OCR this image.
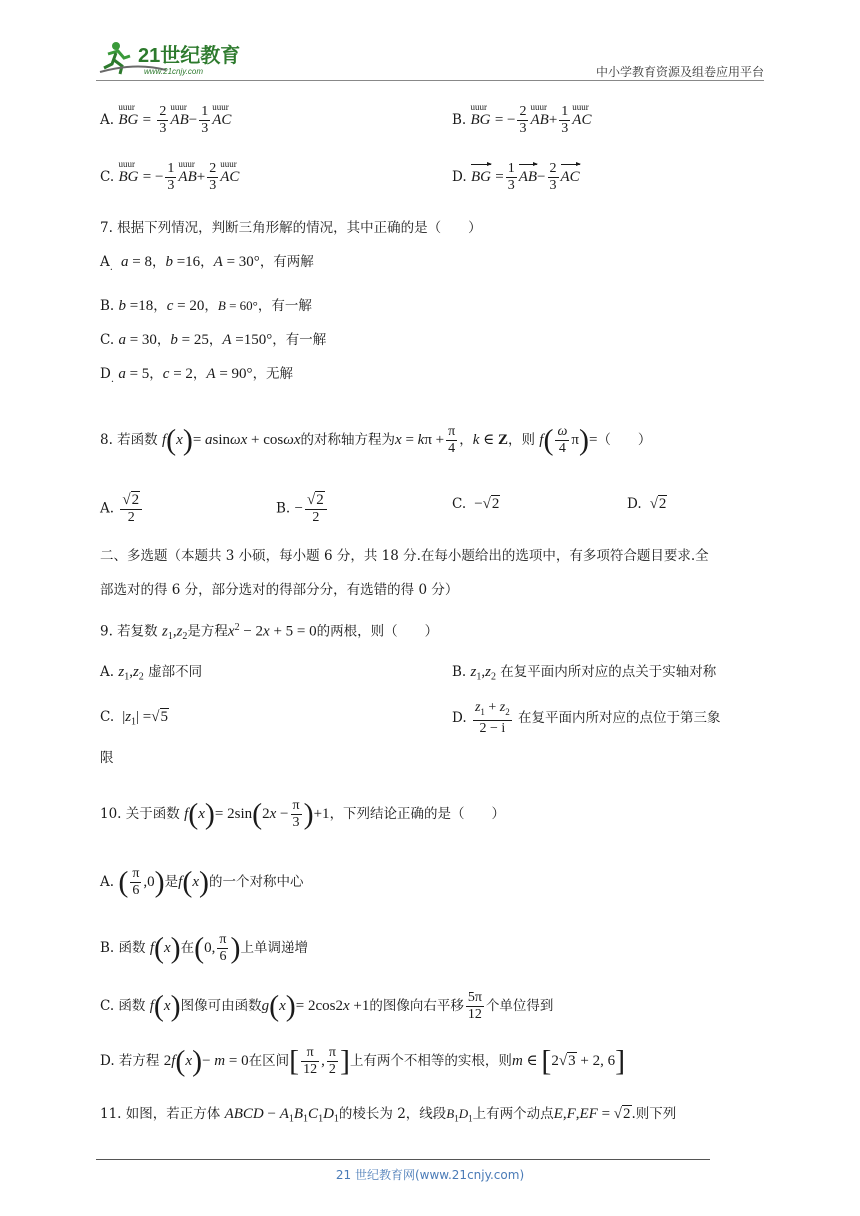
21世纪教育
www.21cnjy.com	中小学教育资源及组卷应用平台
A.
uuur
BG = $\frac{2}{3}$ uuur
$AB- \frac{1}{3}$ uuur
AC	B.
uuur
BG = − $\frac{2}{3}$ uuur
$AB+ \frac{1}{3}$ uuur
AC
C.
uuur
BG = − $\frac{1}{3}$ uuur
$AB+ \frac{2}{3}$ uuur
AC	D. BG = $\frac{1}{3} AB- \frac{2}{3}$ AC
7. 根据下列情况，判断三角形解的情况，其中正确的是（　　）
$A_.$  a = 8，b =16，A = 30°，有两解
B. b =18，c = 20，B = 60°，有一解
C. a = 30，b = 25，A =150°，有一解
$D_.$ a = 5，c = 2，A = 90°，无解
8. 若函数 f(x)= asinωx + cosωx的对称轴方程为$x = k\pi + \frac{\pi}{4}$ ，k ∈ Z，则 $f( \frac{\omega}{4} \pi)=$（　　）
A. $\frac{√2}{2}$	B. − $\frac{√2}{2}$	C.  −√2	D.  √2
二、多选题（本题共 3 小硕，每小题 6 分，共 18 分.在每小题给出的选项中，有多项符合题目要求.全
部选对的得 6 分，部分选对的得部分分，有选错的得 0 分）
9. 若复数 $z_1,z_2$是方程$x^2 - 2x + 5 = 0$的两根，则（　　）
A. $z_1,z_2$ 虚部不同	B. $z_1,z_2$ 在复平面内所对应的点关于实轴对称
C.  $|z_1| =√5$	D. $\frac{z_1 + z_2}{2 - i}$ 在复平面内所对应的点位于第三象
限
10. 关于函数 $f(x)= 2\sin(2x - \frac{\pi}{3} )+1$，下列结论正确的是（　　）
A. ( $\frac{\pi}{6} ,0$)是f(x)的一个对称中心
B. 函数 f(x)在(0, $\frac{\pi}{6}$ )上单调递增
C. 函数 f(x)图像可由函数g(x)= 2cos2x +1的图像向右平移 $\frac{5\pi}{12}$ 个单位得到
D. 若方程 2f(x)− m = 0在区间[ $\frac{\pi}{12}$ , $\frac{\pi}{2}$ ]上有两个不相等的实根，则m ∈ [2√3 + 2, 6]
11. 如图，若正方体 ABCD − $A_1B_1C_1D_1$的棱长为 2，线段$B_1D_1$上有两个动点E,F,EF = √2.则下列
21 世纪教育网(www.21cnjy.com)
